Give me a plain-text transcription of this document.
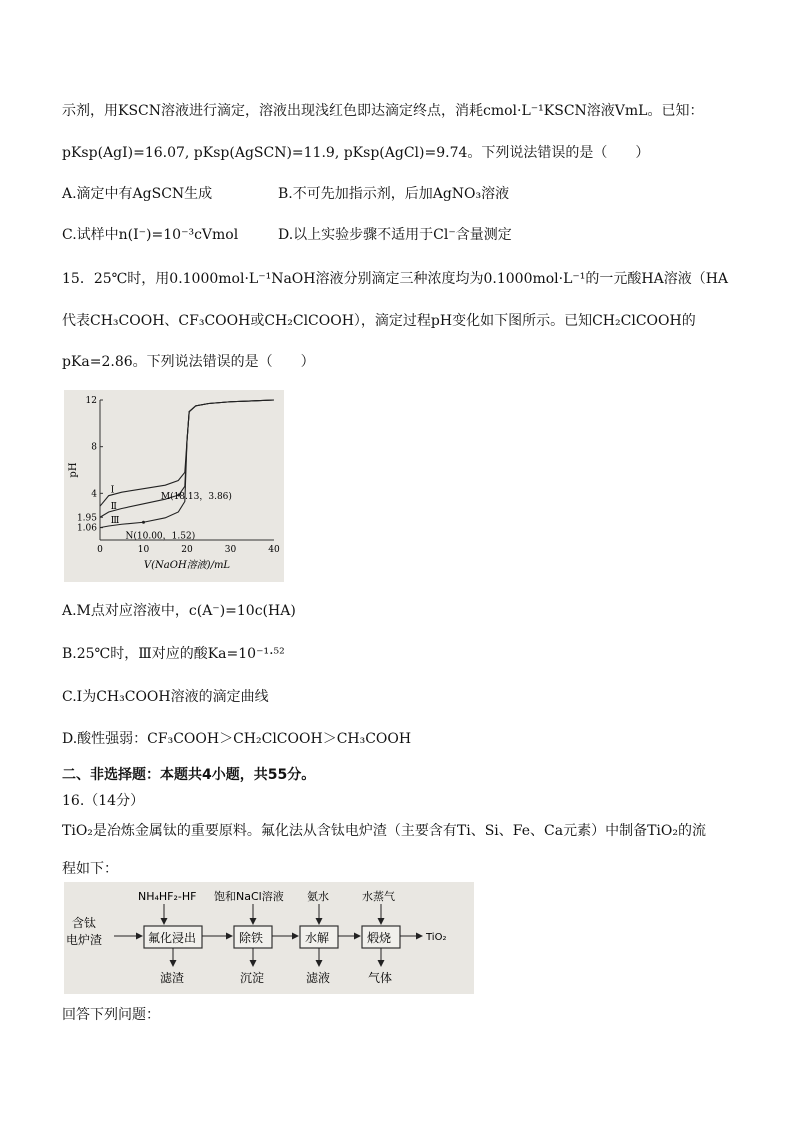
示剂，用KSCN溶液进行滴定，溶液出现浅红色即达滴定终点，消耗cmol·L⁻¹KSCN溶液VmL。已知：
pKsp(AgI)=16.07, pKsp(AgSCN)=11.9, pKsp(AgCl)=9.74。下列说法错误的是（　　）
A.滴定中有AgSCN生成	B.不可先加指示剂，后加AgNO₃溶液
C.试样中n(I⁻)=10⁻³cVmol	D.以上实验步骤不适用于Cl⁻含量测定
15．25℃时，用0.1000mol·L⁻¹NaOH溶液分别滴定三种浓度均为0.1000mol·L⁻¹的一元酸HA溶液（HA
代表CH₃COOH、CF₃COOH或CH₂ClCOOH），滴定过程pH变化如下图所示。已知CH₂ClCOOH的
pKa=2.86。下列说法错误的是（　　）
12
8
4
1.95
1.06
0	10	20	30	40
pH
V(NaOH溶液)/mL
Ⅰ
Ⅱ
Ⅲ
M(18.13，3.86)
N(10.00，1.52)
A.M点对应溶液中，c(A⁻)=10c(HA)
B.25℃时，Ⅲ对应的酸Ka=10⁻¹·⁵²
C.Ⅰ为CH₃COOH溶液的滴定曲线
D.酸性强弱：CF₃COOH＞CH₂ClCOOH＞CH₃COOH
二、非选择题：本题共4小题，共55分。
16.（14分）
TiO₂是冶炼金属钛的重要原料。氟化法从含钛电炉渣（主要含有Ti、Si、Fe、Ca元素）中制备TiO₂的流
程如下：
含钛
电炉渣	氟化浸出	除铁	水解	煅烧	TiO₂
NH₄HF₂-HF 饱和NaCl溶液 氨水	水蒸气
滤渣	沉淀	滤液	气体
回答下列问题：
